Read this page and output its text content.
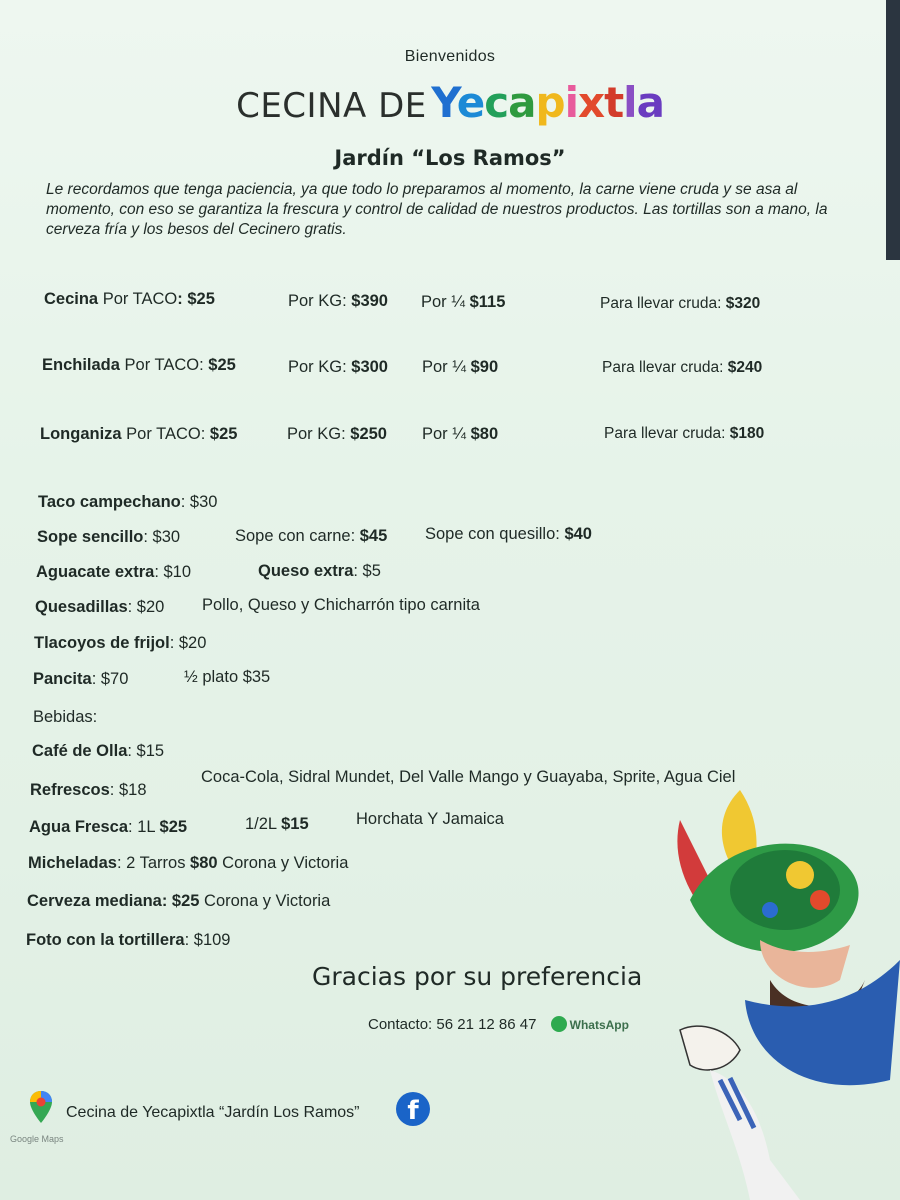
Bienvenidos
CECINA DE Yecapixtla
Jardín “Los Ramos”
Le recordamos que tenga paciencia, ya que todo lo preparamos al momento, la carne viene cruda y se asa al momento, con eso se garantiza la frescura y control de calidad de nuestros productos. Las tortillas son a mano, la cerveza fría y los besos del Cecinero gratis.
Cecina Por TACO: $25	Por KG: $390 Por ¼ $115	Para llevar cruda: $320
Enchilada Por TACO: $25	Por KG: $300 Por ¼ $90	Para llevar cruda: $240
Longaniza Por TACO: $25	Por KG: $250 Por ¼ $80	Para llevar cruda: $180
Taco campechano: $30
Sope sencillo: $30	Sope con carne: $45 Sope con quesillo: $40
Aguacate extra: $10	Queso extra: $5
Quesadillas: $20 Pollo, Queso y Chicharrón tipo carnita
Tlacoyos de frijol: $20
Pancita: $70	½ plato $35
Bebidas:
Café de Olla: $15
Refrescos: $18
Coca-Cola, Sidral Mundet, Del Valle Mango y Guayaba, Sprite, Agua Ciel
Agua Fresca: 1L $25	1/2L $15	Horchata Y Jamaica
Micheladas: 2 Tarros $80 Corona y Victoria
Cerveza mediana: $25 Corona y Victoria
Foto con la tortillera: $109
Gracias por su preferencia
Contacto: 56 21 12 86 47	WhatsApp
Google Maps
Cecina de Yecapixtla “Jardín Los Ramos”	f
